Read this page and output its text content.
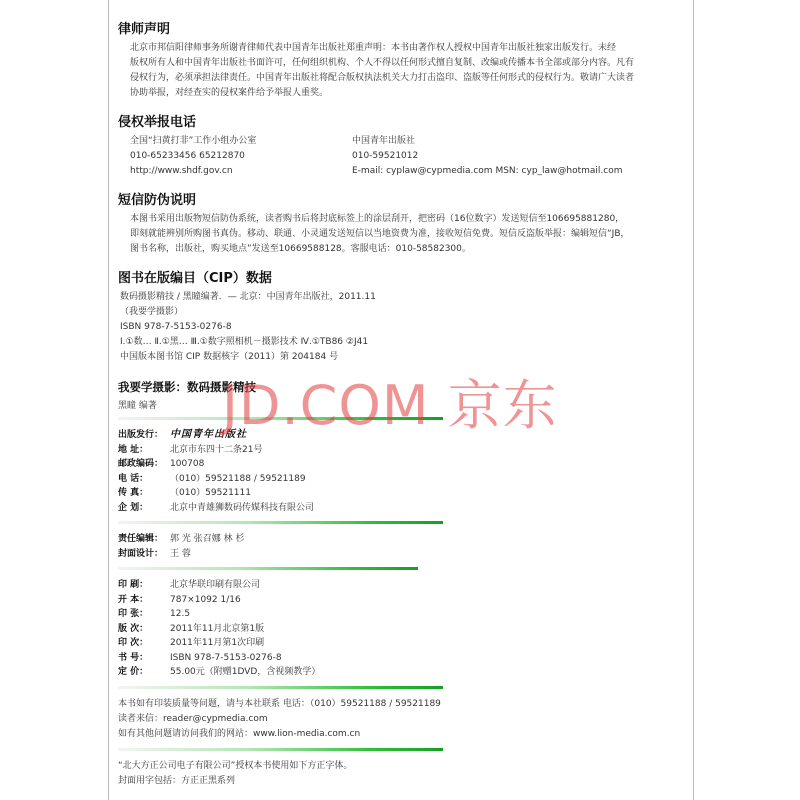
律师声明
北京市邦信阳律师事务所谢青律师代表中国青年出版社郑重声明：本书由著作权人授权中国青年出版社独家出版发行。未经
版权所有人和中国青年出版社书面许可，任何组织机构、个人不得以任何形式擅自复制、改编或传播本书全部或部分内容。凡有
侵权行为，必须承担法律责任。中国青年出版社将配合版权执法机关大力打击盗印、盗版等任何形式的侵权行为。敬请广大读者
协助举报，对经查实的侵权案件给予举报人重奖。
侵权举报电话
全国“扫黄打非”工作小组办公室	中国青年出版社
010-65233456 65212870	010-59521012
http://www.shdf.gov.cn	E-mail: cyplaw@cypmedia.com MSN: cyp_law@hotmail.com
短信防伪说明
本图书采用出版物短信防伪系统，读者购书后将封底标签上的涂层刮开，把密码（16位数字）发送短信至106695881280，
即刻就能辨别所购图书真伪。移动、联通、小灵通发送短信以当地资费为准，接收短信免费。短信反盗版举报：编辑短信“JB，
图书名称，出版社，购买地点”发送至10669588128。客服电话：010-58582300。
图书在版编目（CIP）数据
数码摄影精技 / 黑瞳编著．— 北京：中国青年出版社，2011.11
（我要学摄影）
ISBN 978-7-5153-0276-8
Ⅰ.①数… Ⅱ.①黑… Ⅲ.①数字照相机－摄影技术 Ⅳ.①TB86 ②J41
中国版本图书馆 CIP 数据核字（2011）第 204184 号
我要学摄影：数码摄影精技
黑瞳 编著
出版发行： 中国青年出版社
地 址：	北京市东四十二条21号
邮政编码： 100708
电 话：	（010）59521188 / 59521189
传 真：	（010）59521111
企 划：	北京中青雄狮数码传媒科技有限公司
责任编辑： 郭 光 张召娜 林 杉
封面设计： 王 蓉
印 刷：	北京华联印刷有限公司
开 本：	787×1092 1/16
印 张：	12.5
版 次：	2011年11月北京第1版
印 次：	2011年11月第1次印刷
书 号：	ISBN 978-7-5153-0276-8
定 价：	55.00元（附赠1DVD，含视频教学）
本书如有印装质量等问题，请与本社联系 电话：（010）59521188 / 59521189
读者来信：reader@cypmedia.com
如有其他问题请访问我们的网站：www.lion-media.com.cn
“北大方正公司电子有限公司”授权本书使用如下方正字体。
封面用字包括：方正正黑系列
JD.COM 京东
